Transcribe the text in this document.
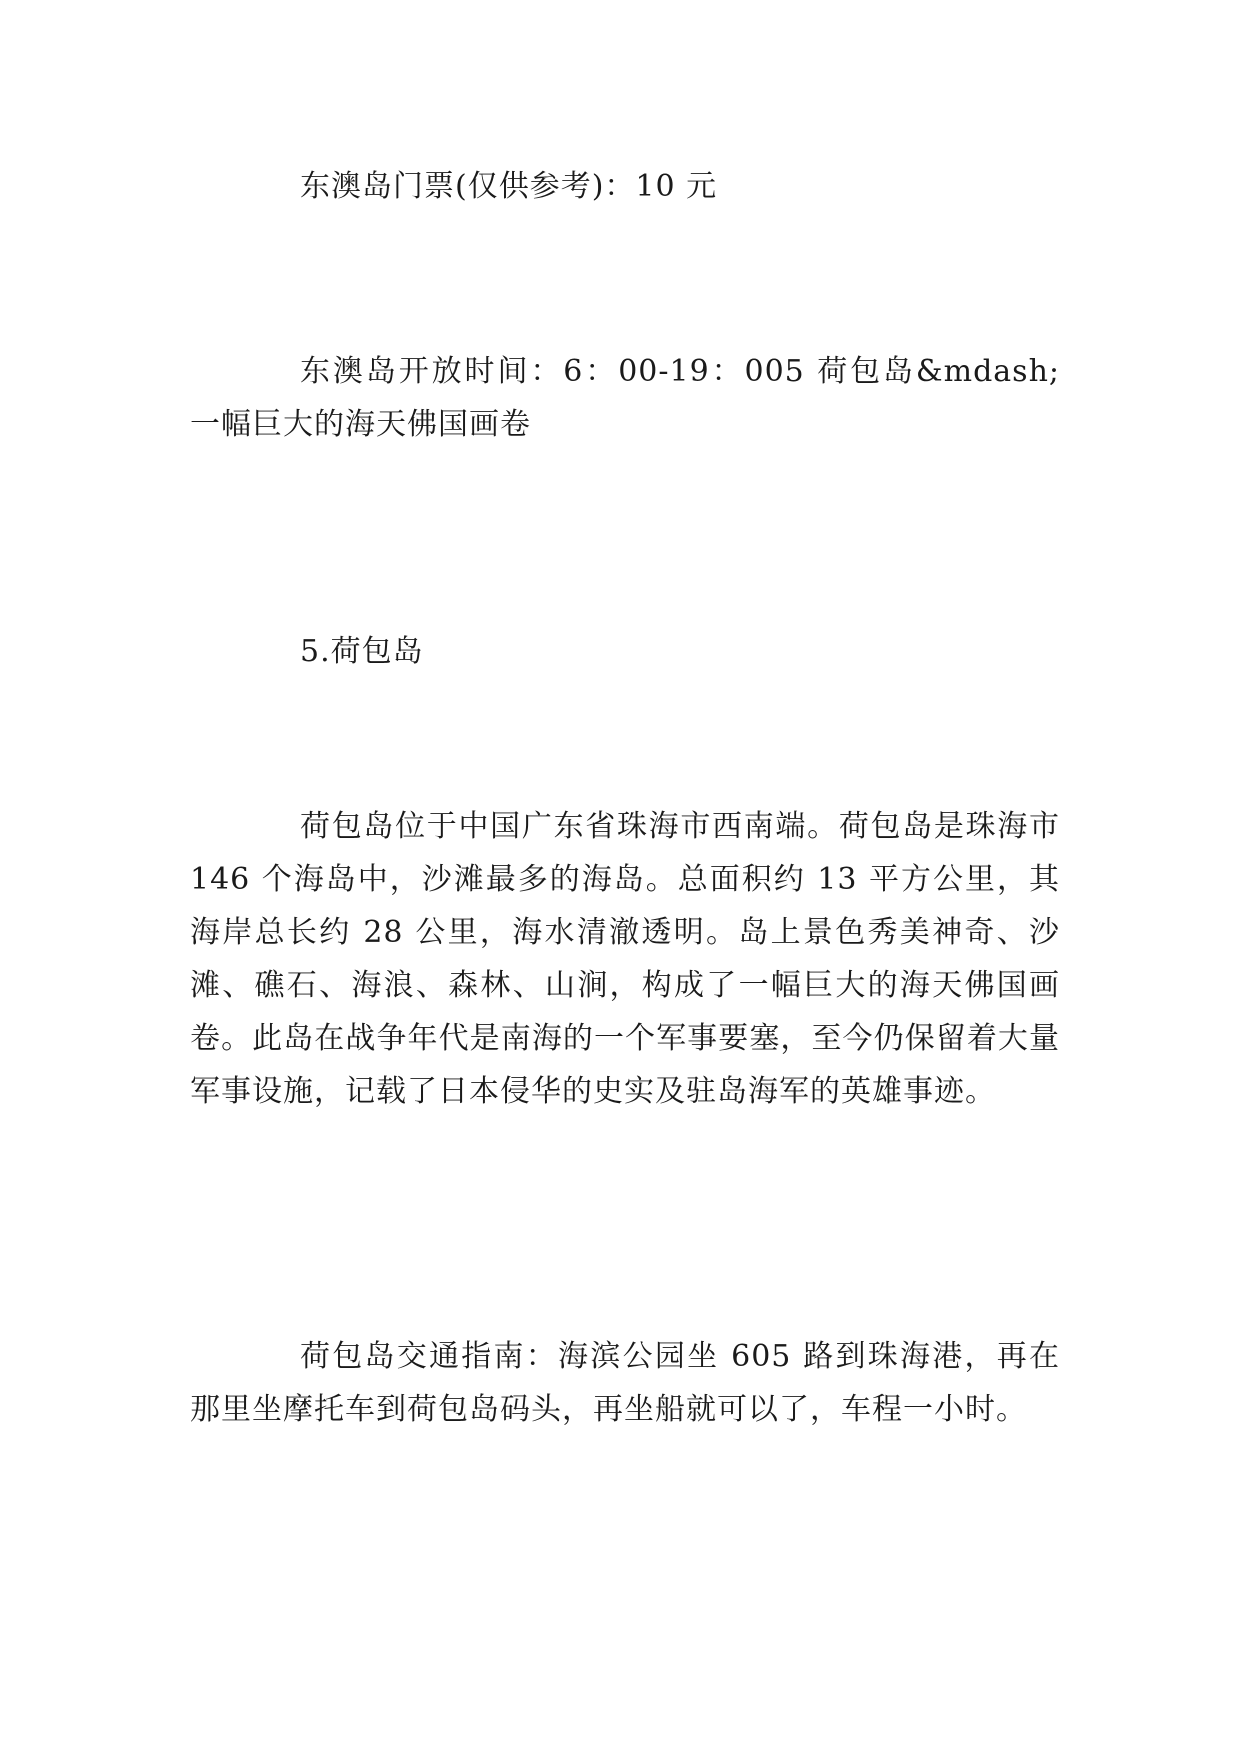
东澳岛门票(仅供参考)：10 元

东澳岛开放时间：6：00-19：005 荷包岛&mdash;一幅巨大的海天佛国画卷

5.荷包岛

荷包岛位于中国广东省珠海市西南端。荷包岛是珠海市 146 个海岛中，沙滩最多的海岛。总面积约 13 平方公里，其海岸总长约 28 公里，海水清澈透明。岛上景色秀美神奇、沙滩、礁石、海浪、森林、山涧，构成了一幅巨大的海天佛国画卷。此岛在战争年代是南海的一个军事要塞，至今仍保留着大量军事设施，记载了日本侵华的史实及驻岛海军的英雄事迹。

荷包岛交通指南：海滨公园坐 605 路到珠海港，再在那里坐摩托车到荷包岛码头，再坐船就可以了，车程一小时。
